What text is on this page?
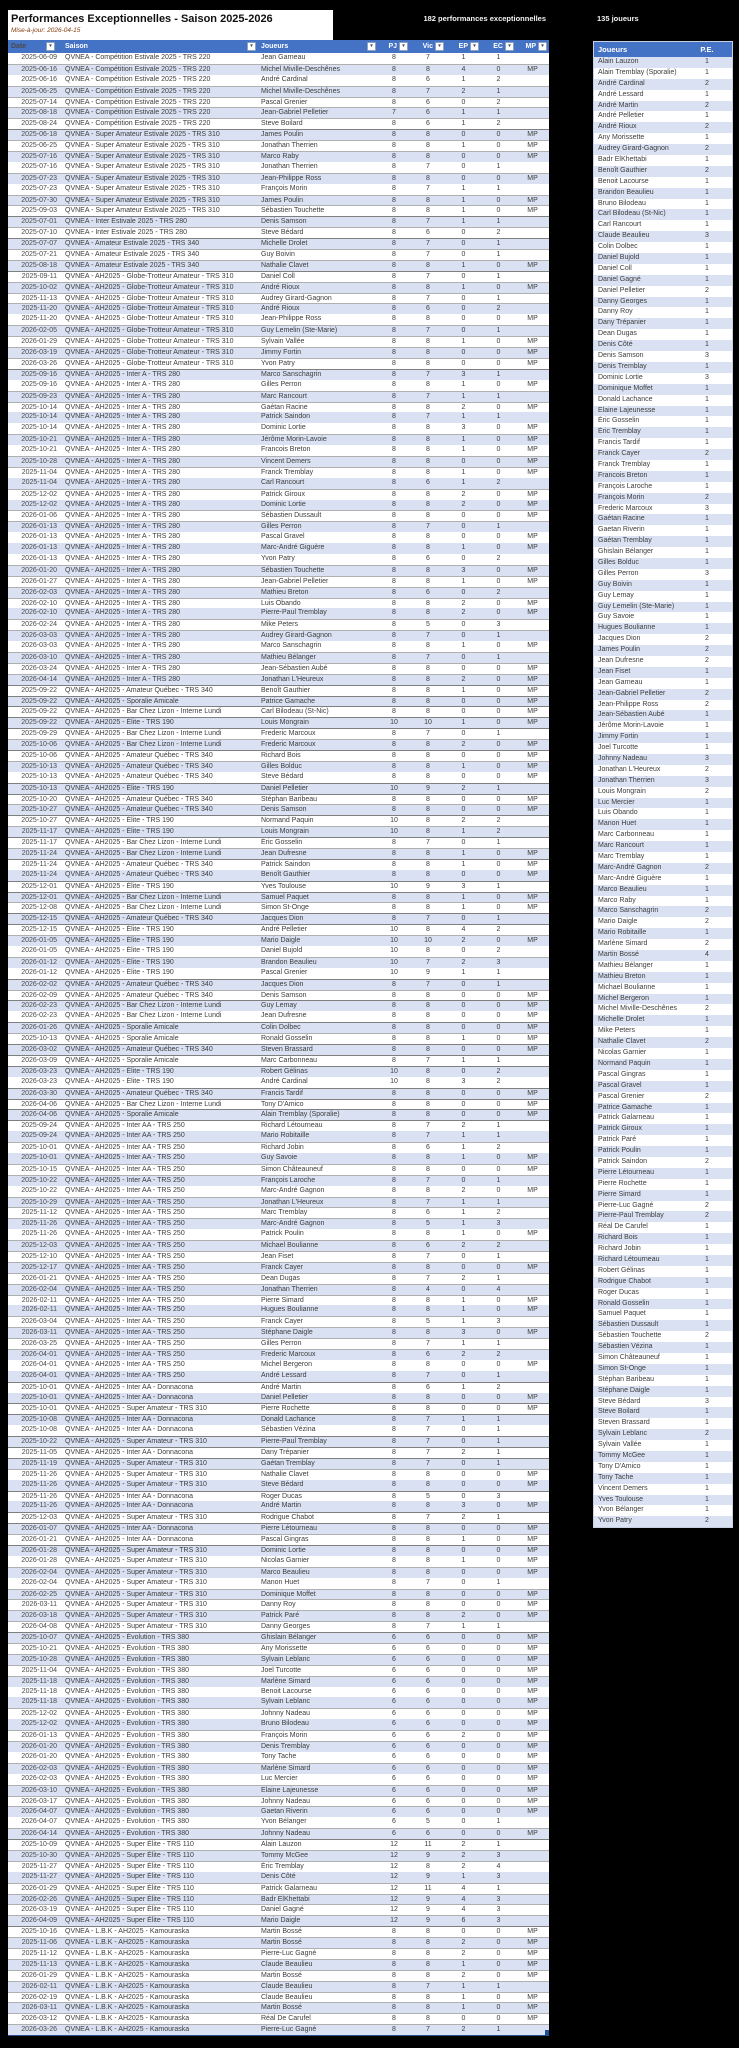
Performances Exceptionnelles - Saison 2025-2026
Mise-à-jour: 2026-04-15
182 performances exceptionnelles	135 joueurs
Date	▾	Saison	▾	Joueurs	▾	PJ	▾	Vic	▾	EP	▾	EC	▾	MP	▾
2025-06-09	QVNEA - Compétition Estivale 2025 - TRS 220	Jean Garneau	8	7	1	1
2025-06-16	QVNEA - Compétition Estivale 2025 - TRS 220	Michel Miville-Deschênes	8	8	4	0	MP
2025-06-16	QVNEA - Compétition Estivale 2025 - TRS 220	André Cardinal	8	6	1	2
2025-06-25	QVNEA - Compétition Estivale 2025 - TRS 220	Michel Miville-Deschênes	8	7	2	1
2025-07-14	QVNEA - Compétition Estivale 2025 - TRS 220	Pascal Grenier	8	6	0	2
2025-08-18	QVNEA - Compétition Estivale 2025 - TRS 220	Jean-Gabriel Pelletier	7	6	1	1
2025-08-24	QVNEA - Compétition Estivale 2025 - TRS 220	Steve Boilard	8	6	1	2
2025-06-18	QVNEA - Super Amateur Estivale 2025 - TRS 310	James Poulin	8	8	0	0	MP
2025-06-25	QVNEA - Super Amateur Estivale 2025 - TRS 310	Jonathan Therrien	8	8	1	0	MP
2025-07-16	QVNEA - Super Amateur Estivale 2025 - TRS 310	Marco Raby	8	8	0	0	MP
2025-07-16	QVNEA - Super Amateur Estivale 2025 - TRS 310	Jonathan Therrien	8	7	0	1
2025-07-23	QVNEA - Super Amateur Estivale 2025 - TRS 310	Jean-Philippe Ross	8	8	0	0	MP
2025-07-23	QVNEA - Super Amateur Estivale 2025 - TRS 310	François Morin	8	7	1	1
2025-07-30	QVNEA - Super Amateur Estivale 2025 - TRS 310	James Poulin	8	8	1	0	MP
2025-09-03	QVNEA - Super Amateur Estivale 2025 - TRS 310	Sébastien Touchette	8	8	1	0	MP
2025-07-01	QVNEA - Inter Estivale 2025 - TRS 280	Denis Samson	8	7	1	1
2025-07-10	QVNEA - Inter Estivale 2025 - TRS 280	Steve Bédard	8	6	0	2
2025-07-07	QVNEA - Amateur Estivale 2025 - TRS 340	Michelle Drolet	8	7	0	1
2025-07-21	QVNEA - Amateur Estivale 2025 - TRS 340	Guy Boivin	8	7	0	1
2025-08-18	QVNEA - Amateur Estivale 2025 - TRS 340	Nathalie Clavet	8	8	1	0	MP
2025-09-11	QVNEA - AH2025 - Globe-Trotteur Amateur - TRS 310	Daniel Coll	8	7	0	1
2025-10-02	QVNEA - AH2025 - Globe-Trotteur Amateur - TRS 310	André Rioux	8	8	1	0	MP
2025-11-13	QVNEA - AH2025 - Globe-Trotteur Amateur - TRS 310	Audrey Girard-Gagnon	8	7	0	1
2025-11-20	QVNEA - AH2025 - Globe-Trotteur Amateur - TRS 310	André Rioux	8	6	0	2
2025-11-20	QVNEA - AH2025 - Globe-Trotteur Amateur - TRS 310	Jean-Philippe Ross	8	8	0	0	MP
2026-02-05	QVNEA - AH2025 - Globe-Trotteur Amateur - TRS 310	Guy Lemelin (Ste-Marie)	8	7	0	1
2026-01-29	QVNEA - AH2025 - Globe-Trotteur Amateur - TRS 310	Sylvain Vallée	8	8	1	0	MP
2026-03-19	QVNEA - AH2025 - Globe-Trotteur Amateur - TRS 310	Jimmy Fortin	8	8	0	0	MP
2026-03-26	QVNEA - AH2025 - Globe-Trotteur Amateur - TRS 310	Yvon Patry	8	8	0	0	MP
2025-09-16	QVNEA - AH2025 - Inter A - TRS 280	Marco Sanschagrin	8	7	3	1
2025-09-16	QVNEA - AH2025 - Inter A - TRS 280	Gilles Perron	8	8	1	0	MP
2025-09-23	QVNEA - AH2025 - Inter A - TRS 280	Marc Rancourt	8	7	1	1
2025-10-14	QVNEA - AH2025 - Inter A - TRS 280	Gaétan Racine	8	8	2	0	MP
2025-10-14	QVNEA - AH2025 - Inter A - TRS 280	Patrick Saindon	8	7	1	1
2025-10-14	QVNEA - AH2025 - Inter A - TRS 280	Dominic Lortie	8	8	3	0	MP
2025-10-21	QVNEA - AH2025 - Inter A - TRS 280	Jérôme Morin-Lavoie	8	8	1	0	MP
2025-10-21	QVNEA - AH2025 - Inter A - TRS 280	Francois Breton	8	8	1	0	MP
2025-10-28	QVNEA - AH2025 - Inter A - TRS 280	Vincent Demers	8	8	0	0	MP
2025-11-04	QVNEA - AH2025 - Inter A - TRS 280	Franck Tremblay	8	8	1	0	MP
2025-11-04	QVNEA - AH2025 - Inter A - TRS 280	Carl Rancourt	8	6	1	2
2025-12-02	QVNEA - AH2025 - Inter A - TRS 280	Patrick Giroux	8	8	2	0	MP
2025-12-02	QVNEA - AH2025 - Inter A - TRS 280	Dominic Lortie	8	8	2	0	MP
2026-01-06	QVNEA - AH2025 - Inter A - TRS 280	Sébastien Dussault	8	8	0	0	MP
2026-01-13	QVNEA - AH2025 - Inter A - TRS 280	Gilles Perron	8	7	0	1
2026-01-13	QVNEA - AH2025 - Inter A - TRS 280	Pascal Gravel	8	8	0	0	MP
2026-01-13	QVNEA - AH2025 - Inter A - TRS 280	Marc-André Giguère	8	8	1	0	MP
2026-01-13	QVNEA - AH2025 - Inter A - TRS 280	Yvon Patry	8	6	0	2
2026-01-20	QVNEA - AH2025 - Inter A - TRS 280	Sébastien Touchette	8	8	3	0	MP
2026-01-27	QVNEA - AH2025 - Inter A - TRS 280	Jean-Gabriel Pelletier	8	8	1	0	MP
2026-02-03	QVNEA - AH2025 - Inter A - TRS 280	Mathieu Breton	8	6	0	2
2026-02-10	QVNEA - AH2025 - Inter A - TRS 280	Luis Obando	8	8	2	0	MP
2026-02-10	QVNEA - AH2025 - Inter A - TRS 280	Pierre-Paul Tremblay	8	8	2	0	MP
2026-02-24	QVNEA - AH2025 - Inter A - TRS 280	Mike Peters	8	5	0	3
2026-03-03	QVNEA - AH2025 - Inter A - TRS 280	Audrey Girard-Gagnon	8	7	0	1
2026-03-03	QVNEA - AH2025 - Inter A - TRS 280	Marco Sanschagrin	8	8	1	0	MP
2026-03-10	QVNEA - AH2025 - Inter A - TRS 280	Mathieu Bélanger	8	7	0	1
2026-03-24	QVNEA - AH2025 - Inter A - TRS 280	Jean-Sébastien Aubé	8	8	0	0	MP
2026-04-14	QVNEA - AH2025 - Inter A - TRS 280	Jonathan L'Heureux	8	8	2	0	MP
2025-09-22	QVNEA - AH2025 - Amateur Québec - TRS 340	Benoît Gauthier	8	8	1	0	MP
2025-09-22	QVNEA - AH2025 - Sporalie Amicale	Patrice Gamache	8	8	0	0	MP
2025-09-22	QVNEA - AH2025 - Bar Chez Lizon - Interne Lundi	Carl Bilodeau (St-Nic)	8	8	0	0	MP
2025-09-22	QVNEA - AH2025 - Élite - TRS 190	Louis Mongrain	10	10	1	0	MP
2025-09-29	QVNEA - AH2025 - Bar Chez Lizon - Interne Lundi	Frederic Marcoux	8	7	0	1
2025-10-06	QVNEA - AH2025 - Bar Chez Lizon - Interne Lundi	Frederic Marcoux	8	8	2	0	MP
2025-10-06	QVNEA - AH2025 - Amateur Québec - TRS 340	Richard Bois	8	8	0	0	MP
2025-10-13	QVNEA - AH2025 - Amateur Québec - TRS 340	Gilles Bolduc	8	8	1	0	MP
2025-10-13	QVNEA - AH2025 - Amateur Québec - TRS 340	Steve Bédard	8	8	0	0	MP
2025-10-13	QVNEA - AH2025 - Élite - TRS 190	Daniel Pelletier	10	9	2	1
2025-10-20	QVNEA - AH2025 - Amateur Québec - TRS 340	Stéphan Baribeau	8	8	0	0	MP
2025-10-27	QVNEA - AH2025 - Amateur Québec - TRS 340	Denis Samson	8	8	0	0	MP
2025-10-27	QVNEA - AH2025 - Élite - TRS 190	Normand Paquin	10	8	2	2
2025-11-17	QVNEA - AH2025 - Élite - TRS 190	Louis Mongrain	10	8	1	2
2025-11-17	QVNEA - AH2025 - Bar Chez Lizon - Interne Lundi	Éric Gosselin	8	7	0	1
2025-11-24	QVNEA - AH2025 - Bar Chez Lizon - Interne Lundi	Jean Dufresne	8	8	1	0	MP
2025-11-24	QVNEA - AH2025 - Amateur Québec - TRS 340	Patrick Saindon	8	8	1	0	MP
2025-11-24	QVNEA - AH2025 - Amateur Québec - TRS 340	Benoît Gauthier	8	8	0	0	MP
2025-12-01	QVNEA - AH2025 - Élite - TRS 190	Yves Toulouse	10	9	3	1
2025-12-01	QVNEA - AH2025 - Bar Chez Lizon - Interne Lundi	Samuel Paquet	8	8	1	0	MP
2025-12-08	QVNEA - AH2025 - Bar Chez Lizon - Interne Lundi	Simon St-Onge	8	8	1	0	MP
2025-12-15	QVNEA - AH2025 - Amateur Québec - TRS 340	Jacques Dion	8	7	0	1
2025-12-15	QVNEA - AH2025 - Élite - TRS 190	André Pelletier	10	8	4	2
2026-01-05	QVNEA - AH2025 - Élite - TRS 190	Mario Daigle	10	10	2	0	MP
2026-01-05	QVNEA - AH2025 - Élite - TRS 190	Daniel Bujold	10	8	0	2
2026-01-12	QVNEA - AH2025 - Élite - TRS 190	Brandon Beaulieu	10	7	2	3
2026-01-12	QVNEA - AH2025 - Élite - TRS 190	Pascal Grenier	10	9	1	1
2026-02-02	QVNEA - AH2025 - Amateur Québec - TRS 340	Jacques Dion	8	7	0	1
2026-02-09	QVNEA - AH2025 - Amateur Québec - TRS 340	Denis Samson	8	8	0	0	MP
2026-02-23	QVNEA - AH2025 - Bar Chez Lizon - Interne Lundi	Guy Lemay	8	8	0	0	MP
2026-02-23	QVNEA - AH2025 - Bar Chez Lizon - Interne Lundi	Jean Dufresne	8	8	0	0	MP
2026-01-26	QVNEA - AH2025 - Sporalie Amicale	Colin Dolbec	8	8	0	0	MP
2025-10-13	QVNEA - AH2025 - Sporalie Amicale	Ronald Gosselin	8	8	1	0	MP
2026-03-02	QVNEA - AH2025 - Amateur Québec - TRS 340	Steven Brassard	8	8	0	0	MP
2026-03-09	QVNEA - AH2025 - Sporalie Amicale	Marc Carbonneau	8	7	1	1
2026-03-23	QVNEA - AH2025 - Élite - TRS 190	Robert Gélinas	10	8	0	2
2026-03-23	QVNEA - AH2025 - Élite - TRS 190	André Cardinal	10	8	3	2
2026-03-30	QVNEA - AH2025 - Amateur Québec - TRS 340	Francis Tardif	8	8	0	0	MP
2026-04-06	QVNEA - AH2025 - Bar Chez Lizon - Interne Lundi	Tony D'Amico	8	8	0	0	MP
2026-04-06	QVNEA - AH2025 - Sporalie Amicale	Alain Tremblay (Sporalie)	8	8	0	0	MP
2025-09-24	QVNEA - AH2025 - Inter AA - TRS 250	Richard Létourneau	8	7	2	1
2025-09-24	QVNEA - AH2025 - Inter AA - TRS 250	Mario Robitaille	8	7	1	1
2025-10-01	QVNEA - AH2025 - Inter AA - TRS 250	Richard Jobin	8	6	1	2
2025-10-01	QVNEA - AH2025 - Inter AA - TRS 250	Guy Savoie	8	8	1	0	MP
2025-10-15	QVNEA - AH2025 - Inter AA - TRS 250	Simon Châteauneuf	8	8	0	0	MP
2025-10-22	QVNEA - AH2025 - Inter AA - TRS 250	François Laroche	8	7	0	1
2025-10-22	QVNEA - AH2025 - Inter AA - TRS 250	Marc-André Gagnon	8	8	2	0	MP
2025-10-29	QVNEA - AH2025 - Inter AA - TRS 250	Jonathan L'Heureux	8	7	1	1
2025-11-12	QVNEA - AH2025 - Inter AA - TRS 250	Marc Tremblay	8	6	1	2
2025-11-26	QVNEA - AH2025 - Inter AA - TRS 250	Marc-André Gagnon	8	5	1	3
2025-11-26	QVNEA - AH2025 - Inter AA - TRS 250	Patrick Poulin	8	8	1	0	MP
2025-12-03	QVNEA - AH2025 - Inter AA - TRS 250	Michael Boulianne	8	6	2	2
2025-12-10	QVNEA - AH2025 - Inter AA - TRS 250	Jean Fiset	8	7	0	1
2025-12-17	QVNEA - AH2025 - Inter AA - TRS 250	Franck Cayer	8	8	0	0	MP
2026-01-21	QVNEA - AH2025 - Inter AA - TRS 250	Dean Dugas	8	7	2	1
2026-02-04	QVNEA - AH2025 - Inter AA - TRS 250	Jonathan Therrien	8	4	0	4
2026-02-11	QVNEA - AH2025 - Inter AA - TRS 250	Pierre Simard	8	8	1	0	MP
2026-02-11	QVNEA - AH2025 - Inter AA - TRS 250	Hugues Boulianne	8	8	1	0	MP
2026-03-04	QVNEA - AH2025 - Inter AA - TRS 250	Franck Cayer	8	5	1	3
2026-03-11	QVNEA - AH2025 - Inter AA - TRS 250	Stéphane Daigle	8	8	3	0	MP
2026-03-25	QVNEA - AH2025 - Inter AA - TRS 250	Gilles Perron	8	7	1	1
2026-04-01	QVNEA - AH2025 - Inter AA - TRS 250	Frederic Marcoux	8	6	2	2
2026-04-01	QVNEA - AH2025 - Inter AA - TRS 250	Michel Bergeron	8	8	0	0	MP
2026-04-01	QVNEA - AH2025 - Inter AA - TRS 250	André Lessard	8	7	0	1
2025-10-01	QVNEA - AH2025 - Inter AA - Donnacona	André Martin	8	6	1	2
2025-10-01	QVNEA - AH2025 - Inter AA - Donnacona	Daniel Pelletier	8	8	0	0	MP
2025-10-01	QVNEA - AH2025 - Super Amateur - TRS 310	Pierre Rochette	8	8	0	0	MP
2025-10-08	QVNEA - AH2025 - Inter AA - Donnacona	Donald Lachance	8	7	1	1
2025-10-08	QVNEA - AH2025 - Inter AA - Donnacona	Sébastien Vézina	8	7	0	1
2025-10-22	QVNEA - AH2025 - Super Amateur - TRS 310	Pierre-Paul Tremblay	8	7	0	1
2025-11-05	QVNEA - AH2025 - Inter AA - Donnacona	Dany Trépanier	8	7	2	1
2025-11-19	QVNEA - AH2025 - Super Amateur - TRS 310	Gaétan Tremblay	8	7	0	1
2025-11-26	QVNEA - AH2025 - Super Amateur - TRS 310	Nathalie Clavet	8	8	0	0	MP
2025-11-26	QVNEA - AH2025 - Super Amateur - TRS 310	Steve Bédard	8	8	0	0	MP
2025-11-26	QVNEA - AH2025 - Inter AA - Donnacona	Roger Ducas	8	5	0	3
2025-11-26	QVNEA - AH2025 - Inter AA - Donnacona	André Martin	8	8	3	0	MP
2025-12-03	QVNEA - AH2025 - Super Amateur - TRS 310	Rodrigue Chabot	8	7	2	1
2026-01-07	QVNEA - AH2025 - Inter AA - Donnacona	Pierre Létourneau	8	8	0	0	MP
2026-01-21	QVNEA - AH2025 - Inter AA - Donnacona	Pascal Gingras	8	8	1	0	MP
2026-01-28	QVNEA - AH2025 - Super Amateur - TRS 310	Dominic Lortie	8	8	0	0	MP
2026-01-28	QVNEA - AH2025 - Super Amateur - TRS 310	Nicolas Garnier	8	8	1	0	MP
2026-02-04	QVNEA - AH2025 - Super Amateur - TRS 310	Marco Beaulieu	8	8	0	0	MP
2026-02-04	QVNEA - AH2025 - Super Amateur - TRS 310	Manon Huet	8	7	0	1
2026-02-25	QVNEA - AH2025 - Super Amateur - TRS 310	Dominique Moffet	8	8	0	0	MP
2026-03-11	QVNEA - AH2025 - Super Amateur - TRS 310	Danny Roy	8	8	0	0	MP
2026-03-18	QVNEA - AH2025 - Super Amateur - TRS 310	Patrick Paré	8	8	2	0	MP
2026-04-08	QVNEA - AH2025 - Super Amateur - TRS 310	Danny Georges	8	7	1	1
2025-10-07	QVNEA - AH2025 - Évolution - TRS 380	Ghislain Bélanger	6	6	0	0	MP
2025-10-21	QVNEA - AH2025 - Évolution - TRS 380	Any Morissette	6	6	0	0	MP
2025-10-28	QVNEA - AH2025 - Évolution - TRS 380	Sylvain Leblanc	6	6	0	0	MP
2025-11-04	QVNEA - AH2025 - Évolution - TRS 380	Joel Turcotte	6	6	0	0	MP
2025-11-18	QVNEA - AH2025 - Évolution - TRS 380	Marlène Simard	6	6	0	0	MP
2025-11-18	QVNEA - AH2025 - Évolution - TRS 380	Benoit Lacourse	6	6	0	0	MP
2025-11-18	QVNEA - AH2025 - Évolution - TRS 380	Sylvain Leblanc	6	6	0	0	MP
2025-12-02	QVNEA - AH2025 - Évolution - TRS 380	Johnny Nadeau	6	6	0	0	MP
2025-12-02	QVNEA - AH2025 - Évolution - TRS 380	Bruno Bilodeau	6	6	0	0	MP
2026-01-13	QVNEA - AH2025 - Évolution - TRS 380	François Morin	6	6	2	0	MP
2026-01-20	QVNEA - AH2025 - Évolution - TRS 380	Denis Tremblay	6	6	0	0	MP
2026-01-20	QVNEA - AH2025 - Évolution - TRS 380	Tony Tache	6	6	0	0	MP
2026-02-03	QVNEA - AH2025 - Évolution - TRS 380	Marlène Simard	6	6	0	0	MP
2026-02-03	QVNEA - AH2025 - Évolution - TRS 380	Luc Mercier	6	6	0	0	MP
2026-03-10	QVNEA - AH2025 - Évolution - TRS 380	Elaine Lajeunesse	6	6	0	0	MP
2026-03-17	QVNEA - AH2025 - Évolution - TRS 380	Johnny Nadeau	6	6	0	0	MP
2026-04-07	QVNEA - AH2025 - Évolution - TRS 380	Gaetan Riverin	6	6	0	0	MP
2026-04-07	QVNEA - AH2025 - Évolution - TRS 380	Yvon Bélanger	6	5	0	1
2026-04-14	QVNEA - AH2025 - Évolution - TRS 380	Johnny Nadeau	6	6	0	0	MP
2025-10-09	QVNEA - AH2025 - Super Élite - TRS 110	Alain Lauzon	12	11	2	1
2025-10-30	QVNEA - AH2025 - Super Élite - TRS 110	Tommy McGee	12	9	2	3
2025-11-27	QVNEA - AH2025 - Super Élite - TRS 110	Éric Tremblay	12	8	2	4
2025-11-27	QVNEA - AH2025 - Super Élite - TRS 110	Denis Côté	12	9	1	3
2026-01-29	QVNEA - AH2025 - Super Élite - TRS 110	Patrick Galarneau	12	11	4	1
2026-02-26	QVNEA - AH2025 - Super Élite - TRS 110	Badr ElKhettabi	12	9	4	3
2026-03-19	QVNEA - AH2025 - Super Élite - TRS 110	Daniel Gagné	12	9	4	3
2026-04-09	QVNEA - AH2025 - Super Élite - TRS 110	Mario Daigle	12	9	6	3
2025-10-16	QVNEA - L.B.K - AH2025 - Kamouraska	Martin Bossé	8	8	0	0	MP
2025-11-06	QVNEA - L.B.K - AH2025 - Kamouraska	Martin Bossé	8	8	2	0	MP
2025-11-12	QVNEA - L.B.K - AH2025 - Kamouraska	Pierre-Luc Gagné	8	8	2	0	MP
2025-11-13	QVNEA - L.B.K - AH2025 - Kamouraska	Claude Beaulieu	8	8	1	0	MP
2026-01-29	QVNEA - L.B.K - AH2025 - Kamouraska	Martin Bossé	8	8	2	0	MP
2026-02-11	QVNEA - L.B.K - AH2025 - Kamouraska	Claude Beaulieu	8	7	1	1
2026-02-19	QVNEA - L.B.K - AH2025 - Kamouraska	Claude Beaulieu	8	8	1	0	MP
2026-03-11	QVNEA - L.B.K - AH2025 - Kamouraska	Martin Bossé	8	8	1	0	MP
2026-03-12	QVNEA - L.B.K - AH2025 - Kamouraska	Réal De Carufel	8	8	0	0	MP
2026-03-26	QVNEA - L.B.K - AH2025 - Kamouraska	Pierre-Luc Gagné	8	7	2	1
Joueurs	P.E.
Alain Lauzon	1
Alain Tremblay (Sporalie)	1
André Cardinal	2
André Lessard	1
André Martin	2
André Pelletier	1
André Rioux	2
Any Morissette	1
Audrey Girard-Gagnon	2
Badr ElKhettabi	1
Benoît Gauthier	2
Benoit Lacourse	1
Brandon Beaulieu	1
Bruno Bilodeau	1
Carl Bilodeau (St-Nic)	1
Carl Rancourt	1
Claude Beaulieu	3
Colin Dolbec	1
Daniel Bujold	1
Daniel Coll	1
Daniel Gagné	1
Daniel Pelletier	2
Danny Georges	1
Danny Roy	1
Dany Trépanier	1
Dean Dugas	1
Denis Côté	1
Denis Samson	3
Denis Tremblay	1
Dominic Lortie	3
Dominique Moffet	1
Donald Lachance	1
Elaine Lajeunesse	1
Éric Gosselin	1
Éric Tremblay	1
Francis Tardif	1
Franck Cayer	2
Franck Tremblay	1
Francois Breton	1
François Laroche	1
François Morin	2
Frederic Marcoux	3
Gaétan Racine	1
Gaetan Riverin	1
Gaétan Tremblay	1
Ghislain Bélanger	1
Gilles Bolduc	1
Gilles Perron	3
Guy Boivin	1
Guy Lemay	1
Guy Lemelin (Ste-Marie)	1
Guy Savoie	1
Hugues Boulianne	1
Jacques Dion	2
James Poulin	2
Jean Dufresne	2
Jean Fiset	1
Jean Garneau	1
Jean-Gabriel Pelletier	2
Jean-Philippe Ross	2
Jean-Sébastien Aubé	1
Jérôme Morin-Lavoie	1
Jimmy Fortin	1
Joel Turcotte	1
Johnny Nadeau	3
Jonathan L'Heureux	2
Jonathan Therrien	3
Louis Mongrain	2
Luc Mercier	1
Luis Obando	1
Manon Huet	1
Marc Carbonneau	1
Marc Rancourt	1
Marc Tremblay	1
Marc-André Gagnon	2
Marc-André Giguère	1
Marco Beaulieu	1
Marco Raby	1
Marco Sanschagrin	2
Mario Daigle	2
Mario Robitaille	1
Marlène Simard	2
Martin Bossé	4
Mathieu Bélanger	1
Mathieu Breton	1
Michael Boulianne	1
Michel Bergeron	1
Michel Miville-Deschênes	2
Michelle Drolet	1
Mike Peters	1
Nathalie Clavet	2
Nicolas Garnier	1
Normand Paquin	1
Pascal Gingras	1
Pascal Gravel	1
Pascal Grenier	2
Patrice Gamache	1
Patrick Galarneau	1
Patrick Giroux	1
Patrick Paré	1
Patrick Poulin	1
Patrick Saindon	2
Pierre Létourneau	1
Pierre Rochette	1
Pierre Simard	1
Pierre-Luc Gagné	2
Pierre-Paul Tremblay	2
Réal De Carufel	1
Richard Bois	1
Richard Jobin	1
Richard Létourneau	1
Robert Gélinas	1
Rodrigue Chabot	1
Roger Ducas	1
Ronald Gosselin	1
Samuel Paquet	1
Sébastien Dussault	1
Sébastien Touchette	2
Sébastien Vézina	1
Simon Châteauneuf	1
Simon St-Onge	1
Stéphan Baribeau	1
Stéphane Daigle	1
Steve Bédard	3
Steve Boilard	1
Steven Brassard	1
Sylvain Leblanc	2
Sylvain Vallée	1
Tommy McGee	1
Tony D'Amico	1
Tony Tache	1
Vincent Demers	1
Yves Toulouse	1
Yvon Bélanger	1
Yvon Patry	2
